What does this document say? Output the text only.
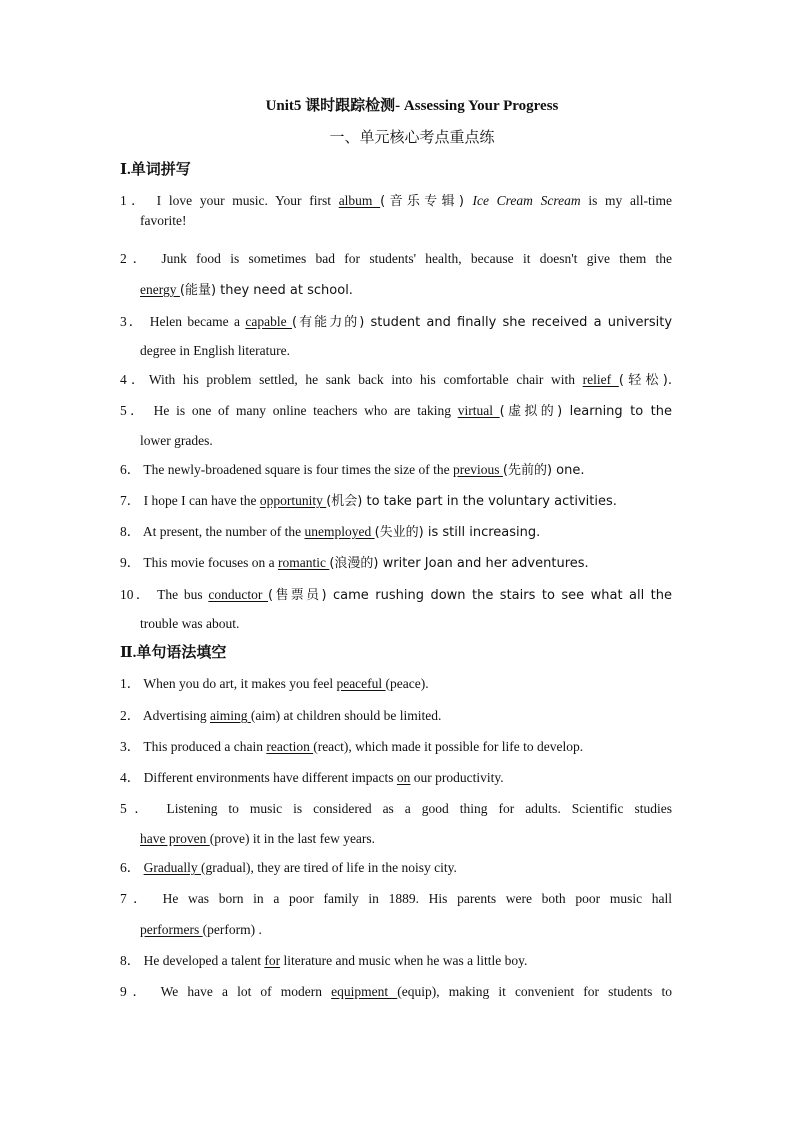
Unit5 课时跟踪检测- Assessing Your Progress
一、单元核心考点重点练
Ⅰ.单词拼写
1． I love your music. Your first album (音乐专辑) Ice Cream Scream is my all-time
favorite!
2． Junk food is sometimes bad for students' health, because it doesn't give them the
energy (能量) they need at school.
3． Helen became a capable (有能力的) student and finally she received a university
degree in English literature.
4．With his problem settled, he sank back into his comfortable chair with relief (轻松).
5． He is one of many online teachers who are taking virtual (虚拟的) learning to the
lower grades.
6． The newly-broadened square is four times the size of the previous (先前的) one.
7． I hope I can have the opportunity (机会) to take part in the voluntary activities.
8． At present, the number of the unemployed (失业的) is still increasing.
9． This movie focuses on a romantic (浪漫的) writer Joan and her adventures.
10． The bus conductor (售票员) came rushing down the stairs to see what all the
trouble was about.
Ⅱ.单句语法填空
1． When you do art, it makes you feel peaceful (peace).
2． Advertising aiming (aim) at children should be limited.
3． This produced a chain reaction (react), which made it possible for life to develop.
4． Different environments have different impacts on our productivity.
5． Listening to music is considered as a good thing for adults. Scientific studies
have proven (prove) it in the last few years.
6． Gradually (gradual), they are tired of life in the noisy city.
7． He was born in a poor family in 1889. His parents were both poor music hall
performers (perform) .
8． He developed a talent for literature and music when he was a little boy.
9． We have a lot of modern equipment (equip), making it convenient for students to
